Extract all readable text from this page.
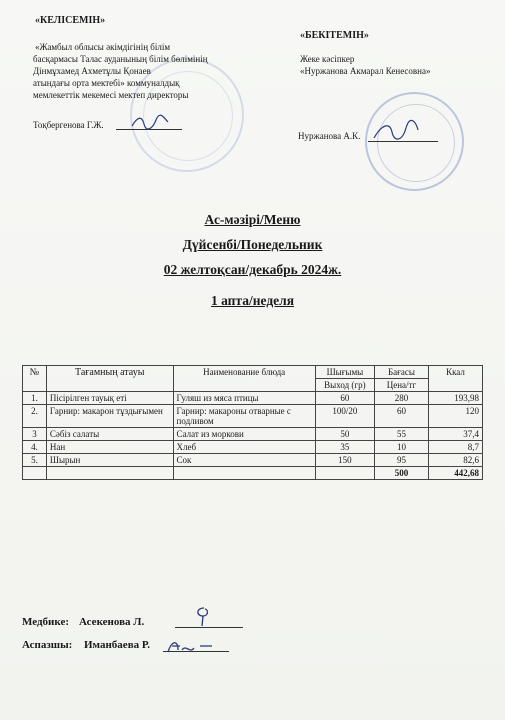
«КЕЛІСЕМІН»
«Жамбыл облысы әкімдігінің білім
басқармасы Талас ауданының білім бөлімінің
Дінмұхамед Ахметұлы Қонаев
атындағы орта мектебі» коммуналдық
мемлекеттік мекемесі мектеп директоры
Тоқбергенова Г.Ж.
«БЕКІТЕМІН»
Жеке кәсіпкер
«Нуржанова Акмарал Кенесовна»
Нуржанова А.К.
Ас-мәзірі/Меню
Дүйсенбі/Понедельник
02 желтоқсан/декабрь 2024ж.
1 апта/неделя
№	Тағамның атауы	Наименование блюда	Шығымы	Бағасы	Ккал
			Выход (гр)	Цена/тг	
1.	Пісірілген тауық еті	Гуляш из мяса птицы	60	280	193,98
2.	Гарнир: макарон тұздығымен	Гарнир: макароны отварные с подливом	100/20	60	120
3	Сәбіз салаты	Салат из моркови	50	55	37,4
4.	Нан	Хлеб	35	10	8,7
5.	Шырын	Сок	150	95	82,6
				500	442,68
Медбике: Асекенова Л.
Аспазшы: Иманбаева Р.
